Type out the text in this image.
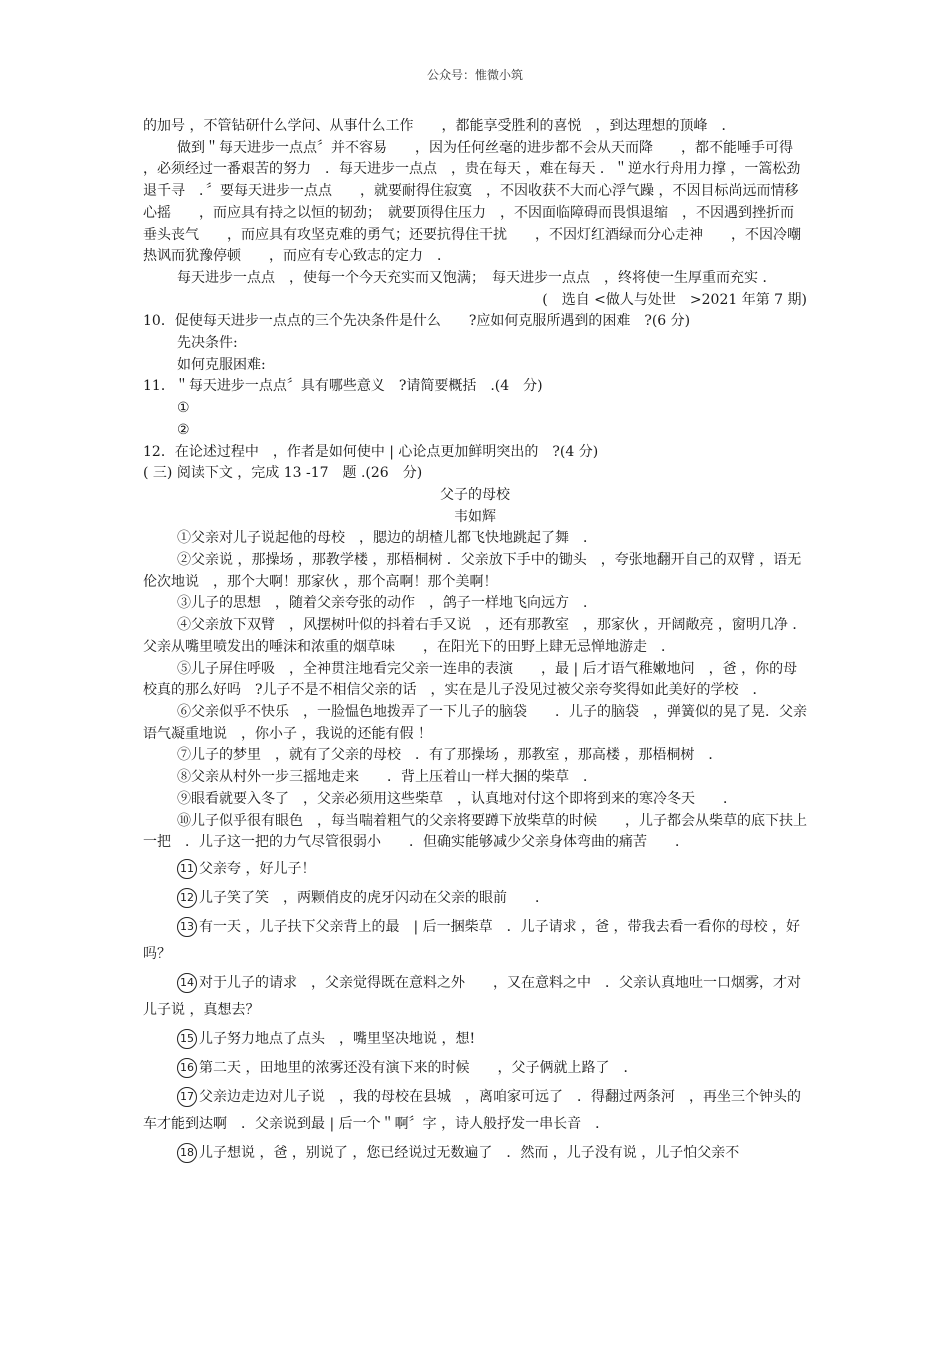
公众号：惟微小筑

的加号 ，不管钻研什么学问、从事什么工作　　，都能享受胜利的喜悦　，到达理想的顶峰　．

做到＂每天进步一点点〞并不容易　　，因为任何丝毫的进步都不会从天而降　　，都不能唾手可得 ，必须经过一番艰苦的努力　．每天进步一点点　，贵在每天 ，难在每天 ．＂逆水行舟用力撑 ，一篙松劲退千寻　．〞要每天进步一点点　　，就要耐得住寂寞　，不因收获不大而心浮气躁 ，不因目标尚远而情移心摇　　，而应具有持之以恒的韧劲；　就要顶得住压力　，不因面临障碍而畏惧退缩　，不因遇到挫折而垂头丧气　　，而应具有攻坚克难的勇气；还要抗得住干扰　　，不因灯红酒绿而分心走神　　，不因冷嘲热讽而犹豫停顿　　，而应有专心致志的定力　．

每天进步一点点　，使每一个今天充实而又饱满；　每天进步一点点　，终将使一生厚重而充实 ．

(　选自 <做人与处世　>2021 年第 7 期)

10．促使每天进步一点点的三个先决条件是什么　　?应如何克服所遇到的困难　?(6 分)

先决条件:

如何克服困难:

11．＂每天进步一点点〞具有哪些意义　?请简要概括　.(4　分)

①

②

12．在论述过程中　，作者是如何使中 | 心论点更加鲜明突出的　?(4 分)

( 三) 阅读下文 ，完成 13 -17　题 .(26　分)

父子的母校

韦如辉

①父亲对儿子说起他的母校　，腮边的胡楂儿都飞快地跳起了舞　．

②父亲说 ，那操场 ，那教学楼 ，那梧桐树 ．父亲放下手中的锄头　，夸张地翻开自己的双臂 ，语无伦次地说　，那个大啊！那家伙 ，那个高啊！那个美啊！

③儿子的思想　，随着父亲夸张的动作　，鸽子一样地飞向远方　．

④父亲放下双臂　，风摆树叶似的抖着右手又说　，还有那教室　，那家伙 ，开阔敞亮 ，窗明几净 ．父亲从嘴里喷发出的唾沫和浓重的烟草味　　，在阳光下的田野上肆无忌惮地游走　．

⑤儿子屏住呼吸　，全神贯注地看完父亲一连串的表演　　，最 | 后才语气稚嫩地问　，爸 ，你的母校真的那么好吗　?儿子不是不相信父亲的话　，实在是儿子没见过被父亲夸奖得如此美好的学校　．

⑥父亲似乎不快乐　，一脸愠色地拨弄了一下儿子的脑袋　　．儿子的脑袋　，弹簧似的晃了晃．父亲语气凝重地说　，你小子 ，我说的还能有假 ！

⑦儿子的梦里　，就有了父亲的母校　．有了那操场 ，那教室 ，那高楼 ，那梧桐树　．

⑧父亲从村外一步三摇地走来　　．背上压着山一样大捆的柴草　．

⑨眼看就要入冬了　，父亲必须用这些柴草　，认真地对付这个即将到来的寒冷冬天　　．

⑩儿子似乎很有眼色　，每当喘着粗气的父亲将要蹲下放柴草的时候　　，儿子都会从柴草的底下扶上一把　．儿子这一把的力气尽管很弱小　　．但确实能够减少父亲身体弯曲的痛苦　　．

11 父亲夸 ，好儿子！

12 儿子笑了笑　，两颗俏皮的虎牙闪动在父亲的眼前　　．

13 有一天 ，儿子扶下父亲背上的最　| 后一捆柴草　．儿子请求 ，爸 ，带我去看一看你的母校 ，好吗？

14 对于儿子的请求　，父亲觉得既在意料之外　　，又在意料之中　．父亲认真地吐一口烟雾，才对儿子说 ，真想去？

15 儿子努力地点了点头　，嘴里坚决地说 ，想!

16 第二天 ，田地里的浓雾还没有演下来的时候　　，父子俩就上路了　．

17 父亲边走边对儿子说　，我的母校在县城　，离咱家可远了　．得翻过两条河　，再坐三个钟头的车才能到达啊　．父亲说到最 | 后一个＂啊〞字 ，诗人般抒发一串长音　．

18 儿子想说 ，爸 ，别说了 ，您已经说过无数遍了　．然而 ，儿子没有说 ，儿子怕父亲不
